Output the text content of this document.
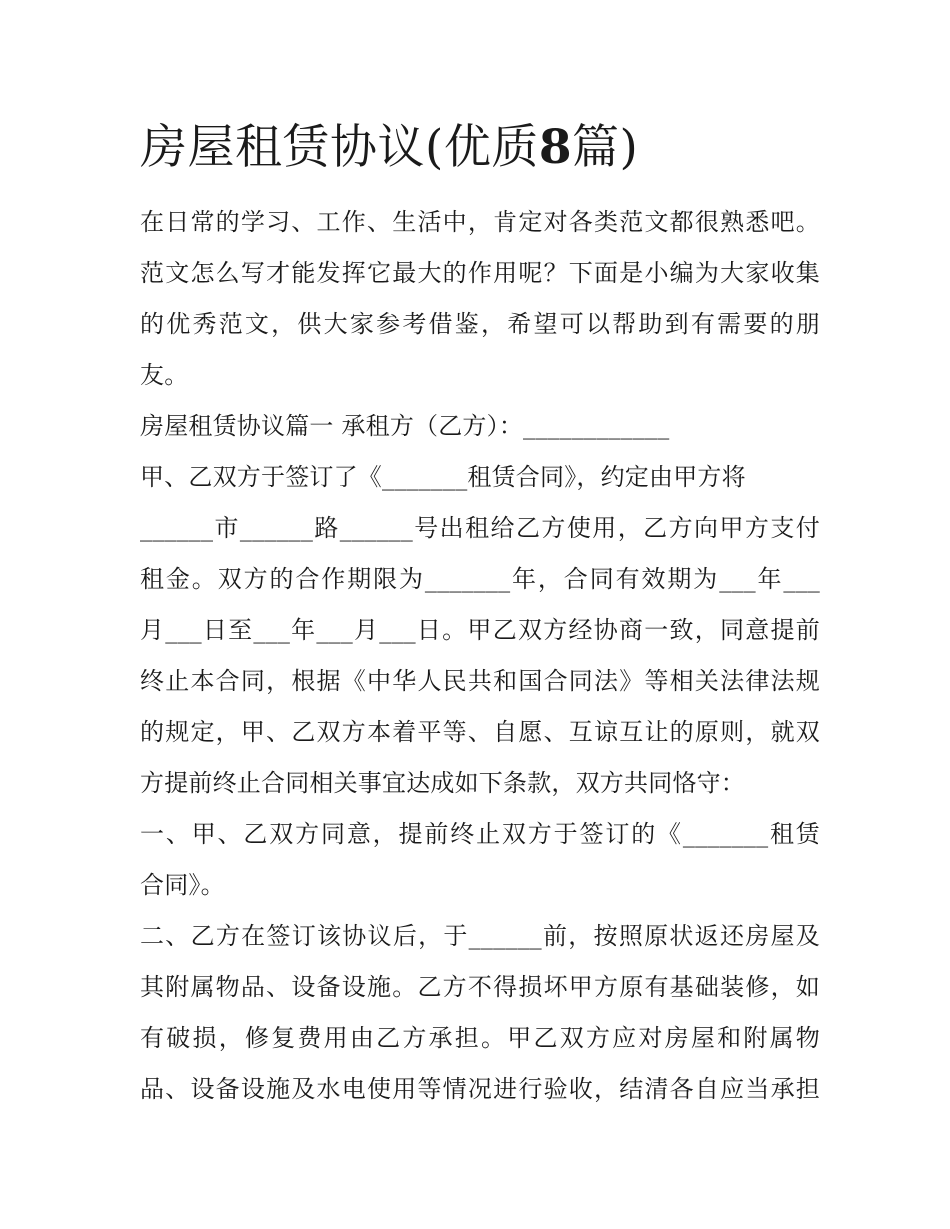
房屋租赁协议(优质8篇)
在日常的学习、工作、生活中，肯定对各类范文都很熟悉吧。
范文怎么写才能发挥它最大的作用呢？下面是小编为大家收集
的优秀范文，供大家参考借鉴，希望可以帮助到有需要的朋
友。
房屋租赁协议篇一 承租方（乙方）：____________
甲、乙双方于签订了《_______租赁合同》，约定由甲方将
______市______路______号出租给乙方使用，乙方向甲方支付
租金。双方的合作期限为_______年，合同有效期为___年___
月___日至___年___月___日。甲乙双方经协商一致，同意提前
终止本合同，根据《中华人民共和国合同法》等相关法律法规
的规定，甲、乙双方本着平等、自愿、互谅互让的原则，就双
方提前终止合同相关事宜达成如下条款，双方共同恪守：
一、甲、乙双方同意，提前终止双方于签订的《_______租赁
合同》。
二、乙方在签订该协议后，于______前，按照原状返还房屋及
其附属物品、设备设施。乙方不得损坏甲方原有基础装修，如
有破损，修复费用由乙方承担。甲乙双方应对房屋和附属物
品、设备设施及水电使用等情况进行验收，结清各自应当承担
